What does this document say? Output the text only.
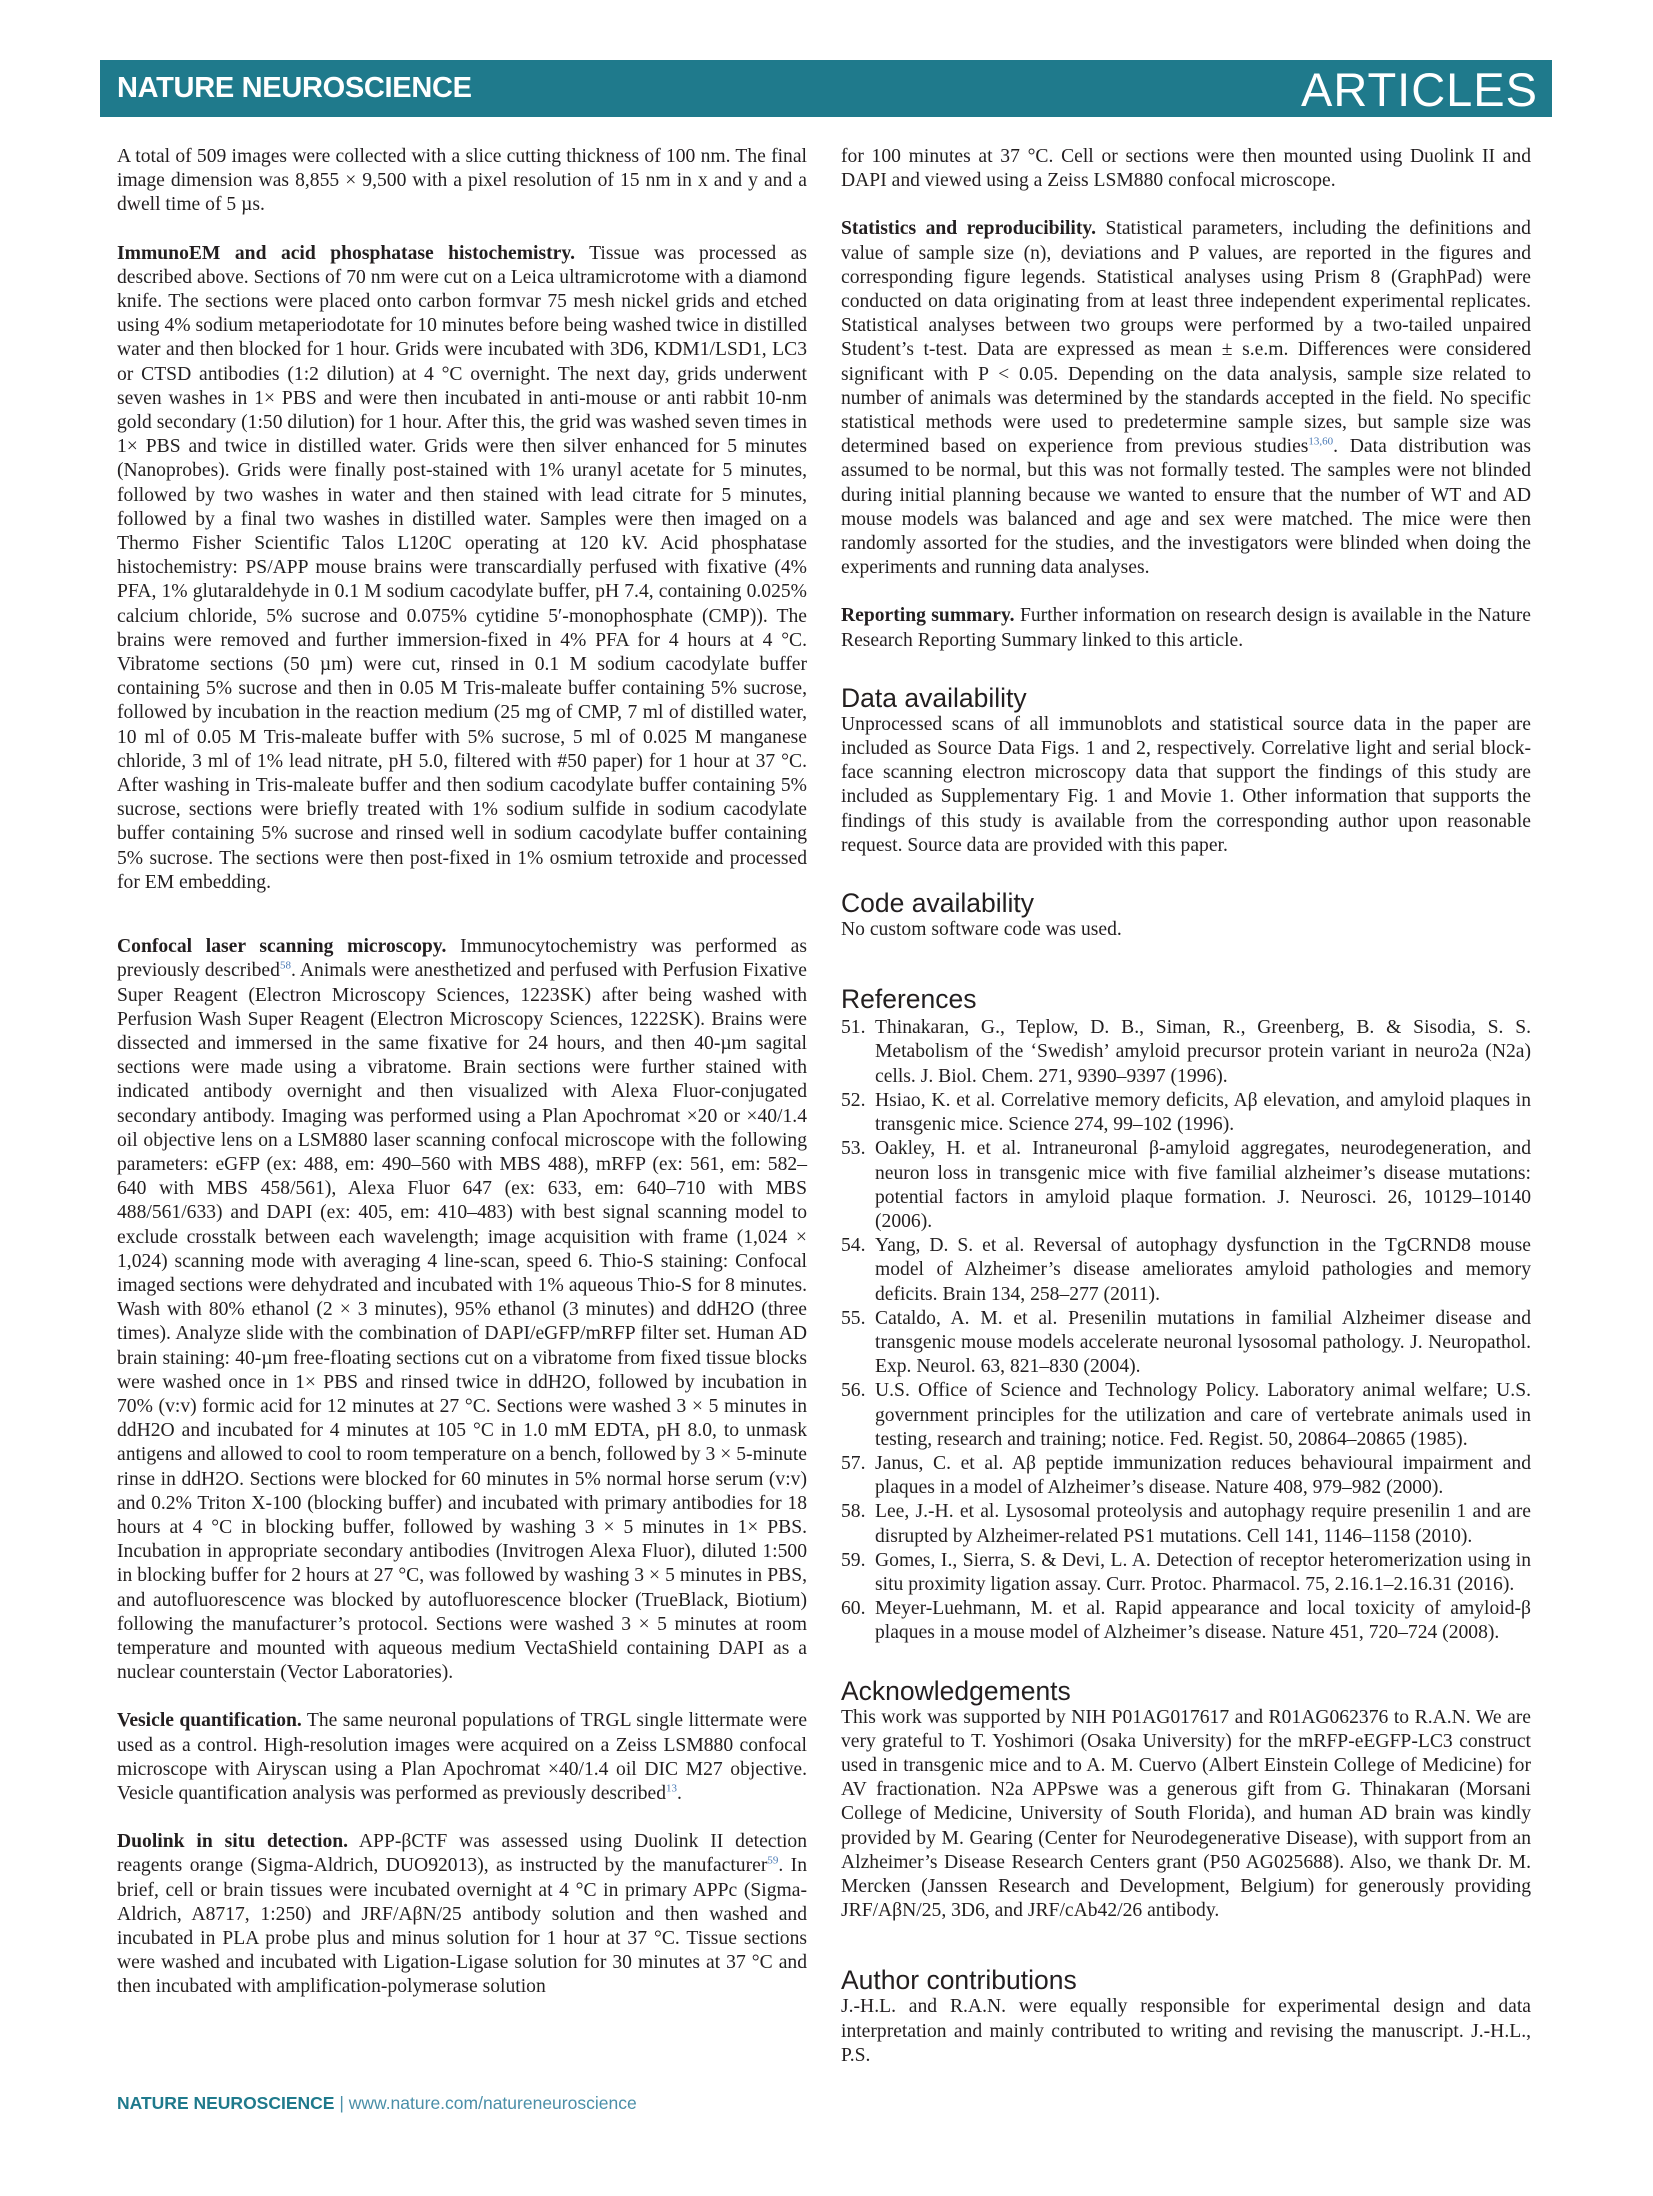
NATURE NEUROSCIENCE	ARTICLES

A total of 509 images were collected with a slice cutting thickness of 100 nm. The final image dimension was 8,855 × 9,500 with a pixel resolution of 15 nm in x and y and a dwell time of 5 µs.

ImmunoEM and acid phosphatase histochemistry. Tissue was processed as described above. Sections of 70 nm were cut on a Leica ultramicrotome with a diamond knife. The sections were placed onto carbon formvar 75 mesh nickel grids and etched using 4% sodium metaperiodotate for 10 minutes before being washed twice in distilled water and then blocked for 1 hour. Grids were incubated with 3D6, KDM1/LSD1, LC3 or CTSD antibodies (1:2 dilution) at 4 °C overnight. The next day, grids underwent seven washes in 1× PBS and were then incubated in anti-mouse or anti rabbit 10-nm gold secondary (1:50 dilution) for 1 hour. After this, the grid was washed seven times in 1× PBS and twice in distilled water. Grids were then silver enhanced for 5 minutes (Nanoprobes). Grids were finally post-stained with 1% uranyl acetate for 5 minutes, followed by two washes in water and then stained with lead citrate for 5 minutes, followed by a final two washes in distilled water. Samples were then imaged on a Thermo Fisher Scientific Talos L120C operating at 120 kV. Acid phosphatase histochemistry: PS/APP mouse brains were transcardially perfused with fixative (4% PFA, 1% glutaraldehyde in 0.1 M sodium cacodylate buffer, pH 7.4, containing 0.025% calcium chloride, 5% sucrose and 0.075% cytidine 5′-monophosphate (CMP)). The brains were removed and further immersion-fixed in 4% PFA for 4 hours at 4 °C. Vibratome sections (50 µm) were cut, rinsed in 0.1 M sodium cacodylate buffer containing 5% sucrose and then in 0.05 M Tris-maleate buffer containing 5% sucrose, followed by incubation in the reaction medium (25 mg of CMP, 7 ml of distilled water, 10 ml of 0.05 M Tris-maleate buffer with 5% sucrose, 5 ml of 0.025 M manganese chloride, 3 ml of 1% lead nitrate, pH 5.0, filtered with #50 paper) for 1 hour at 37 °C. After washing in Tris-maleate buffer and then sodium cacodylate buffer containing 5% sucrose, sections were briefly treated with 1% sodium sulfide in sodium cacodylate buffer containing 5% sucrose and rinsed well in sodium cacodylate buffer containing 5% sucrose. The sections were then post-fixed in 1% osmium tetroxide and processed for EM embedding.

Confocal laser scanning microscopy. Immunocytochemistry was performed as previously described$^{58}$. Animals were anesthetized and perfused with Perfusion Fixative Super Reagent (Electron Microscopy Sciences, 1223SK) after being washed with Perfusion Wash Super Reagent (Electron Microscopy Sciences, 1222SK). Brains were dissected and immersed in the same fixative for 24 hours, and then 40-µm sagital sections were made using a vibratome. Brain sections were further stained with indicated antibody overnight and then visualized with Alexa Fluor-conjugated secondary antibody. Imaging was performed using a Plan Apochromat ×20 or ×40/1.4 oil objective lens on a LSM880 laser scanning confocal microscope with the following parameters: eGFP (ex: 488, em: 490–560 with MBS 488), mRFP (ex: 561, em: 582–640 with MBS 458/561), Alexa Fluor 647 (ex: 633, em: 640–710 with MBS 488/561/633) and DAPI (ex: 405, em: 410–483) with best signal scanning model to exclude crosstalk between each wavelength; image acquisition with frame (1,024 × 1,024) scanning mode with averaging 4 line-scan, speed 6. Thio-S staining: Confocal imaged sections were dehydrated and incubated with 1% aqueous Thio-S for 8 minutes. Wash with 80% ethanol (2 × 3 minutes), 95% ethanol (3 minutes) and ddH2O (three times). Analyze slide with the combination of DAPI/eGFP/mRFP filter set. Human AD brain staining: 40-µm free-floating sections cut on a vibratome from fixed tissue blocks were washed once in 1× PBS and rinsed twice in ddH2O, followed by incubation in 70% (v:v) formic acid for 12 minutes at 27 °C. Sections were washed 3 × 5 minutes in ddH2O and incubated for 4 minutes at 105 °C in 1.0 mM EDTA, pH 8.0, to unmask antigens and allowed to cool to room temperature on a bench, followed by 3 × 5-minute rinse in ddH2O. Sections were blocked for 60 minutes in 5% normal horse serum (v:v) and 0.2% Triton X-100 (blocking buffer) and incubated with primary antibodies for 18 hours at 4 °C in blocking buffer, followed by washing 3 × 5 minutes in 1× PBS. Incubation in appropriate secondary antibodies (Invitrogen Alexa Fluor), diluted 1:500 in blocking buffer for 2 hours at 27 °C, was followed by washing 3 × 5 minutes in PBS, and autofluorescence was blocked by autofluorescence blocker (TrueBlack, Biotium) following the manufacturer’s protocol. Sections were washed 3 × 5 minutes at room temperature and mounted with aqueous medium VectaShield containing DAPI as a nuclear counterstain (Vector Laboratories).

Vesicle quantification. The same neuronal populations of TRGL single littermate were used as a control. High-resolution images were acquired on a Zeiss LSM880 confocal microscope with Airyscan using a Plan Apochromat ×40/1.4 oil DIC M27 objective. Vesicle quantification analysis was performed as previously described$^{13}$.

Duolink in situ detection. APP-βCTF was assessed using Duolink II detection reagents orange (Sigma-Aldrich, DUO92013), as instructed by the manufacturer$^{59}$. In brief, cell or brain tissues were incubated overnight at 4 °C in primary APPc (Sigma-Aldrich, A8717, 1:250) and JRF/AβN/25 antibody solution and then washed and incubated in PLA probe plus and minus solution for 1 hour at 37 °C. Tissue sections were washed and incubated with Ligation-Ligase solution for 30 minutes at 37 °C and then incubated with amplification-polymerase solution

for 100 minutes at 37 °C. Cell or sections were then mounted using Duolink II and DAPI and viewed using a Zeiss LSM880 confocal microscope.

Statistics and reproducibility. Statistical parameters, including the definitions and value of sample size (n), deviations and P values, are reported in the figures and corresponding figure legends. Statistical analyses using Prism 8 (GraphPad) were conducted on data originating from at least three independent experimental replicates. Statistical analyses between two groups were performed by a two-tailed unpaired Student’s t-test. Data are expressed as mean ± s.e.m. Differences were considered significant with P < 0.05. Depending on the data analysis, sample size related to number of animals was determined by the standards accepted in the field. No specific statistical methods were used to predetermine sample sizes, but sample size was determined based on experience from previous studies$^{13,60}$. Data distribution was assumed to be normal, but this was not formally tested. The samples were not blinded during initial planning because we wanted to ensure that the number of WT and AD mouse models was balanced and age and sex were matched. The mice were then randomly assorted for the studies, and the investigators were blinded when doing the experiments and running data analyses.

Reporting summary. Further information on research design is available in the Nature Research Reporting Summary linked to this article.

Data availability

Unprocessed scans of all immunoblots and statistical source data in the paper are included as Source Data Figs. 1 and 2, respectively. Correlative light and serial block-face scanning electron microscopy data that support the findings of this study are included as Supplementary Fig. 1 and Movie 1. Other information that supports the findings of this study is available from the corresponding author upon reasonable request. Source data are provided with this paper.

Code availability

No custom software code was used.

References
51. Thinakaran, G., Teplow, D. B., Siman, R., Greenberg, B. & Sisodia, S. S. Metabolism of the ‘Swedish’ amyloid precursor protein variant in neuro2a (N2a) cells. J. Biol. Chem. 271, 9390–9397 (1996).
52. Hsiao, K. et al. Correlative memory deficits, Aβ elevation, and amyloid plaques in transgenic mice. Science 274, 99–102 (1996).
53. Oakley, H. et al. Intraneuronal β-amyloid aggregates, neurodegeneration, and neuron loss in transgenic mice with five familial alzheimer’s disease mutations: potential factors in amyloid plaque formation. J. Neurosci. 26, 10129–10140 (2006).
54. Yang, D. S. et al. Reversal of autophagy dysfunction in the TgCRND8 mouse model of Alzheimer’s disease ameliorates amyloid pathologies and memory deficits. Brain 134, 258–277 (2011).
55. Cataldo, A. M. et al. Presenilin mutations in familial Alzheimer disease and transgenic mouse models accelerate neuronal lysosomal pathology. J. Neuropathol. Exp. Neurol. 63, 821–830 (2004).
56. U.S. Office of Science and Technology Policy. Laboratory animal welfare; U.S. government principles for the utilization and care of vertebrate animals used in testing, research and training; notice. Fed. Regist. 50, 20864–20865 (1985).
57. Janus, C. et al. Aβ peptide immunization reduces behavioural impairment and plaques in a model of Alzheimer’s disease. Nature 408, 979–982 (2000).
58. Lee, J.-H. et al. Lysosomal proteolysis and autophagy require presenilin 1 and are disrupted by Alzheimer-related PS1 mutations. Cell 141, 1146–1158 (2010).
59. Gomes, I., Sierra, S. & Devi, L. A. Detection of receptor heteromerization using in situ proximity ligation assay. Curr. Protoc. Pharmacol. 75, 2.16.1–2.16.31 (2016).
60. Meyer-Luehmann, M. et al. Rapid appearance and local toxicity of amyloid-β plaques in a mouse model of Alzheimer’s disease. Nature 451, 720–724 (2008).
Acknowledgements

This work was supported by NIH P01AG017617 and R01AG062376 to R.A.N. We are very grateful to T. Yoshimori (Osaka University) for the mRFP-eEGFP-LC3 construct used in transgenic mice and to A. M. Cuervo (Albert Einstein College of Medicine) for AV fractionation. N2a APPswe was a generous gift from G. Thinakaran (Morsani College of Medicine, University of South Florida), and human AD brain was kindly provided by M. Gearing (Center for Neurodegenerative Disease), with support from an Alzheimer’s Disease Research Centers grant (P50 AG025688). Also, we thank Dr. M. Mercken (Janssen Research and Development, Belgium) for generously providing JRF/AβN/25, 3D6, and JRF/cAb42/26 antibody.

Author contributions

J.-H.L. and R.A.N. were equally responsible for experimental design and data interpretation and mainly contributed to writing and revising the manuscript. J.-H.L., P.S.

NATURE NEUROSCIENCE | www.nature.com/natureneuroscience
